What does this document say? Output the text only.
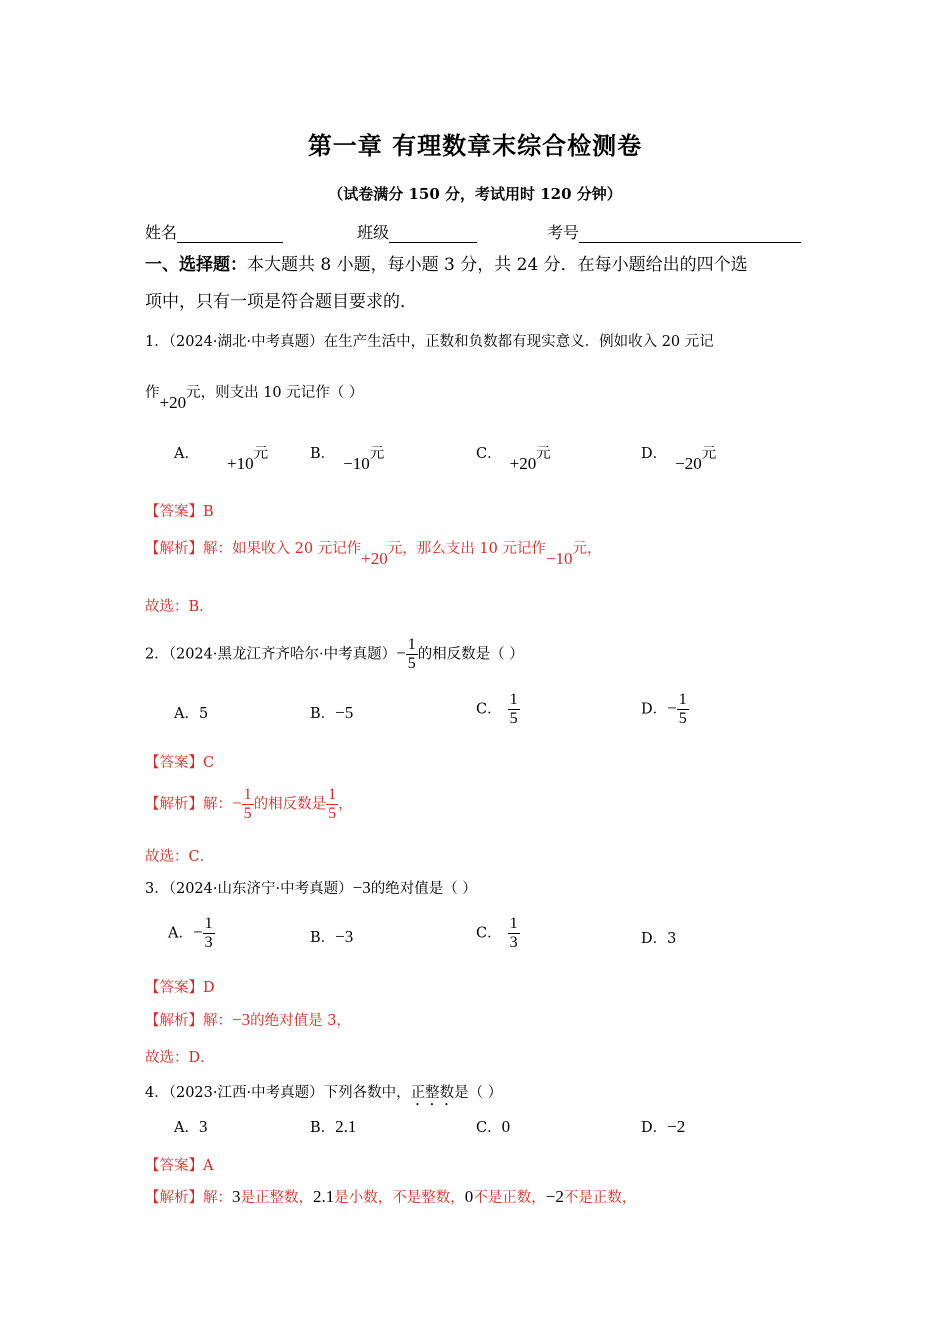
第一章 有理数章末综合检测卷
（试卷满分 150 分，考试用时 120 分钟）
姓名	班级	考号
一、选择题：本大题共 8 小题，每小题 3 分，共 24 分．在每小题给出的四个选
项中，只有一项是符合题目要求的．
1．（2024·湖北·中考真题）在生产生活中，正数和负数都有现实意义．例如收入 20 元记
作+20元，则支出 10 元记作（ ）
A． +10元	B． −10元	C． +20元	D． −20元
【答案】B
【解析】解：如果收入 20 元记作+20元，那么支出 10 元记作−10元，
故选：B．
2．（2024·黑龙江齐齐哈尔·中考真题）− $\frac{1}{5}$ 的相反数是（ ）
A．5	B．−5	C． $\frac{1}{5}$	D．− $\frac{1}{5}$
【答案】C
【解析】解：− $\frac{1}{5}$ 的相反数是 $\frac{1}{5}$ ，
故选：C．
3．（2024·山东济宁·中考真题）−3的绝对值是（ ）
A．− $\frac{1}{3}$	B．−3	C． $\frac{1}{3}$	D．3
【答案】D
【解析】解：−3的绝对值是 3，
故选：D．
4．（2023·江西·中考真题）下列各数中，正整数是（ ）
A．3	B．2.1	C．0	D．−2
【答案】A
【解析】解：3是正整数，2.1是小数，不是整数，0不是正数，−2不是正数，
